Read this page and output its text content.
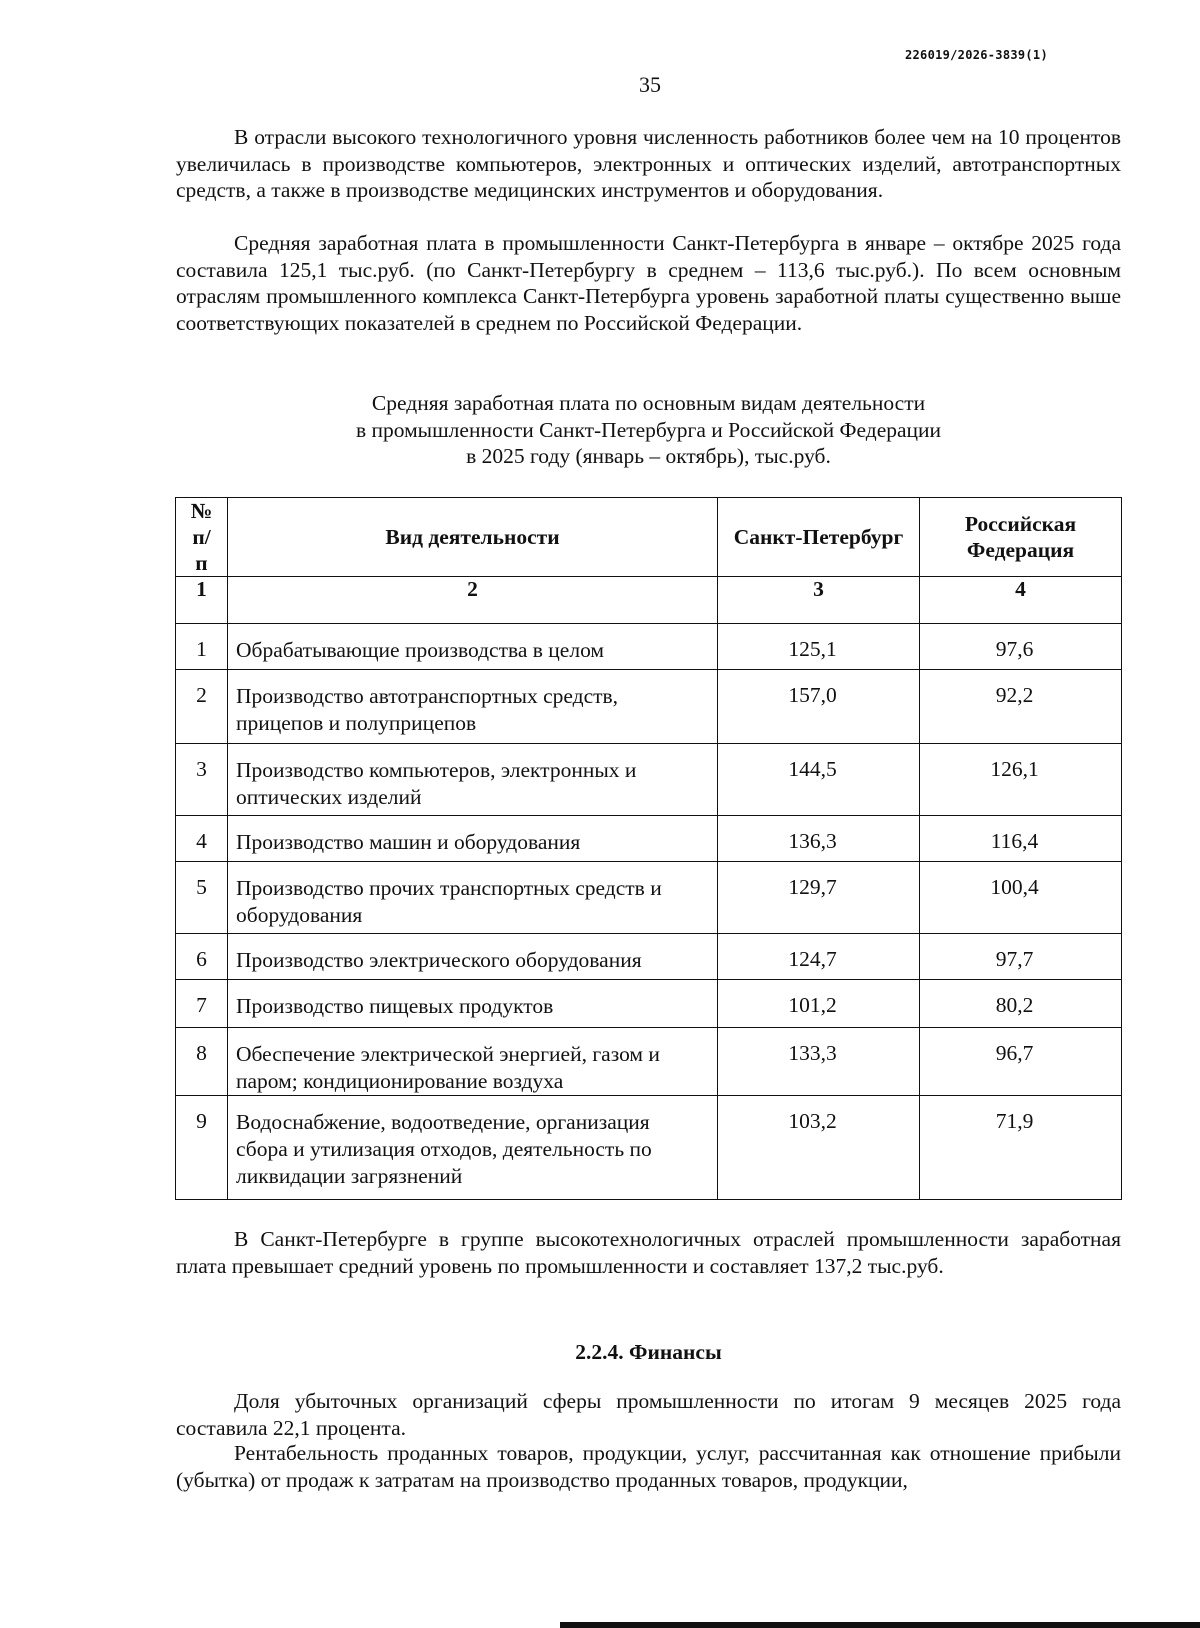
226019/2026-3839(1)
35

В отрасли высокого технологичного уровня численность работников более чем на 10 процентов увеличилась в производстве компьютеров, электронных и оптических изделий, автотранспортных средств, а также в производстве медицинских инструментов и оборудования.

Средняя заработная плата в промышленности Санкт-Петербурга в январе – октябре 2025 года составила 125,1 тыс.руб. (по Санкт-Петербургу в среднем – 113,6 тыс.руб.). По всем основным отраслям промышленного комплекса Санкт-Петербурга уровень заработной платы существенно выше соответствующих показателей в среднем по Российской Федерации.

Средняя заработная плата по основным видам деятельности
в промышленности Санкт-Петербурга и Российской Федерации
в 2025 году (январь – октябрь), тыс.руб.
№ п/п	Вид деятельности	Санкт-Петербург	Российская Федерация

1	2	3	4
1	Обрабатывающие производства в целом	125,1	97,6
2	Производство автотранспортных средств, прицепов и полуприцепов	157,0	92,2
3	Производство компьютеров, электронных и оптических изделий	144,5	126,1
4	Производство машин и оборудования	136,3	116,4
5	Производство прочих транспортных средств и оборудования	129,7	100,4
6	Производство электрического оборудования	124,7	97,7
7	Производство пищевых продуктов	101,2	80,2
8	Обеспечение электрической энергией, газом и паром; кондиционирование воздуха	133,3	96,7
9	Водоснабжение, водоотведение, организация сбора и утилизация отходов, деятельность по ликвидации загрязнений	103,2	71,9

В Санкт-Петербурге в группе высокотехнологичных отраслей промышленности заработная плата превышает средний уровень по промышленности и составляет 137,2 тыс.руб.

2.2.4. Финансы

Доля убыточных организаций сферы промышленности по итогам 9 месяцев 2025 года составила 22,1 процента.

Рентабельность проданных товаров, продукции, услуг, рассчитанная как отношение прибыли (убытка) от продаж к затратам на производство проданных товаров, продукции,
